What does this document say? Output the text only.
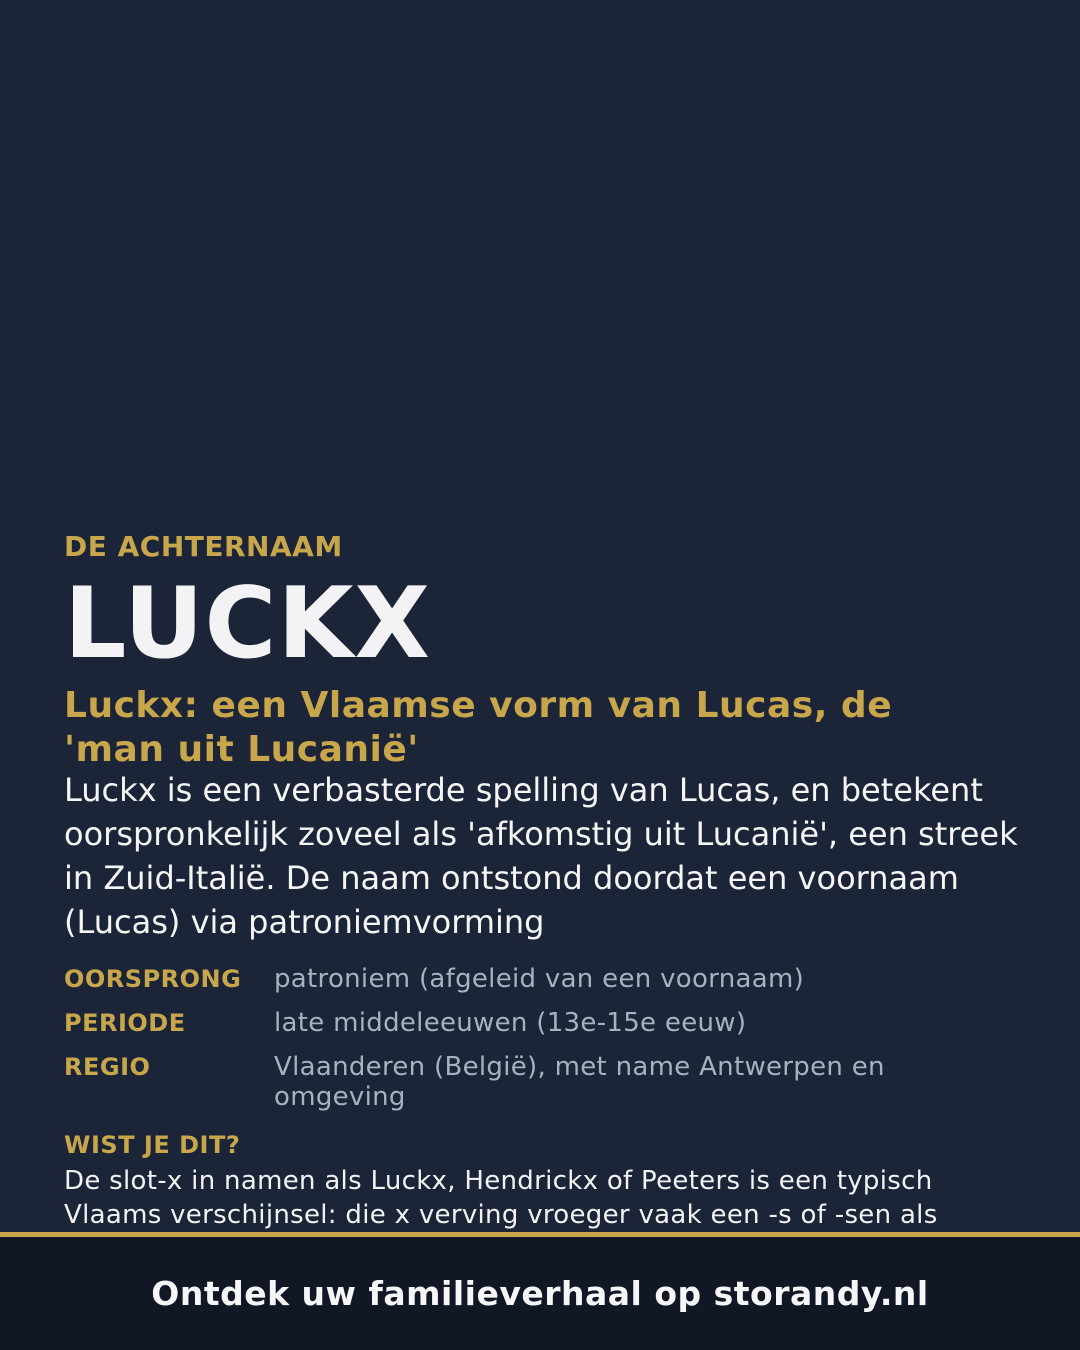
DE ACHTERNAAM
LUCKX
Luckx: een Vlaamse vorm van Lucas, de 'man uit Lucanië'
Luckx is een verbasterde spelling van Lucas, en betekent oorspronkelijk zoveel als 'afkomstig uit Lucanië', een streek in Zuid-Italië. De naam ontstond doordat een voornaam (Lucas) via patroniemvorming
OORSPRONG	patroniem (afgeleid van een voornaam)
PERIODE	late middeleeuwen (13e-15e eeuw)
REGIO	Vlaanderen (België), met name Antwerpen en omgeving
WIST JE DIT?
De slot-x in namen als Luckx, Hendrickx of Peeters is een typisch Vlaams verschijnsel: die x verving vroeger vaak een -s of -sen als
Ontdek uw familieverhaal op storandy.nl
